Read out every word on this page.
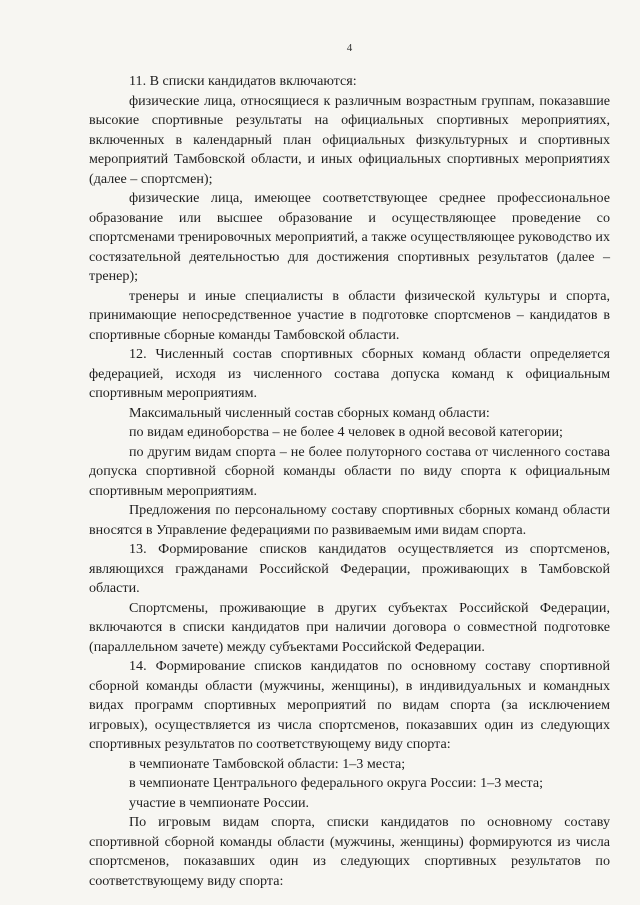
4

11. В списки кандидатов включаются:

физические лица, относящиеся к различным возрастным группам, показавшие высокие спортивные результаты на официальных спортивных мероприятиях, включенных в календарный план официальных физкультурных и спортивных мероприятий Тамбовской области, и иных официальных спортивных мероприятиях (далее – спортсмен);

физические лица, имеющее соответствующее среднее профессиональное образование или высшее образование и осуществляющее проведение со спортсменами тренировочных мероприятий, а также осуществляющее руководство их состязательной деятельностью для достижения спортивных результатов (далее – тренер);

тренеры и иные специалисты в области физической культуры и спорта, принимающие непосредственное участие в подготовке спортсменов – кандидатов в спортивные сборные команды Тамбовской области.

12. Численный состав спортивных сборных команд области определяется федерацией, исходя из численного состава допуска команд к официальным спортивным мероприятиям.

Максимальный численный состав сборных команд области:

по видам единоборства – не более 4 человек в одной весовой категории;

по другим видам спорта – не более полуторного состава от численного состава допуска спортивной сборной команды области по виду спорта к официальным спортивным мероприятиям.

Предложения по персональному составу спортивных сборных команд области вносятся в Управление федерациями по развиваемым ими видам спорта.

13. Формирование списков кандидатов осуществляется из спортсменов, являющихся гражданами Российской Федерации, проживающих в Тамбовской области.

Спортсмены, проживающие в других субъектах Российской Федерации, включаются в списки кандидатов при наличии договора о совместной подготовке (параллельном зачете) между субъектами Российской Федерации.

14. Формирование списков кандидатов по основному составу спортивной сборной команды области (мужчины, женщины), в индивидуальных и командных видах программ спортивных мероприятий по видам спорта (за исключением игровых), осуществляется из числа спортсменов, показавших один из следующих спортивных результатов по соответствующему виду спорта:

в чемпионате Тамбовской области: 1–3 места;

в чемпионате Центрального федерального округа России: 1–3 места;

участие в чемпионате России.

По игровым видам спорта, списки кандидатов по основному составу спортивной сборной команды области (мужчины, женщины) формируются из числа спортсменов, показавших один из следующих спортивных результатов по соответствующему виду спорта:
